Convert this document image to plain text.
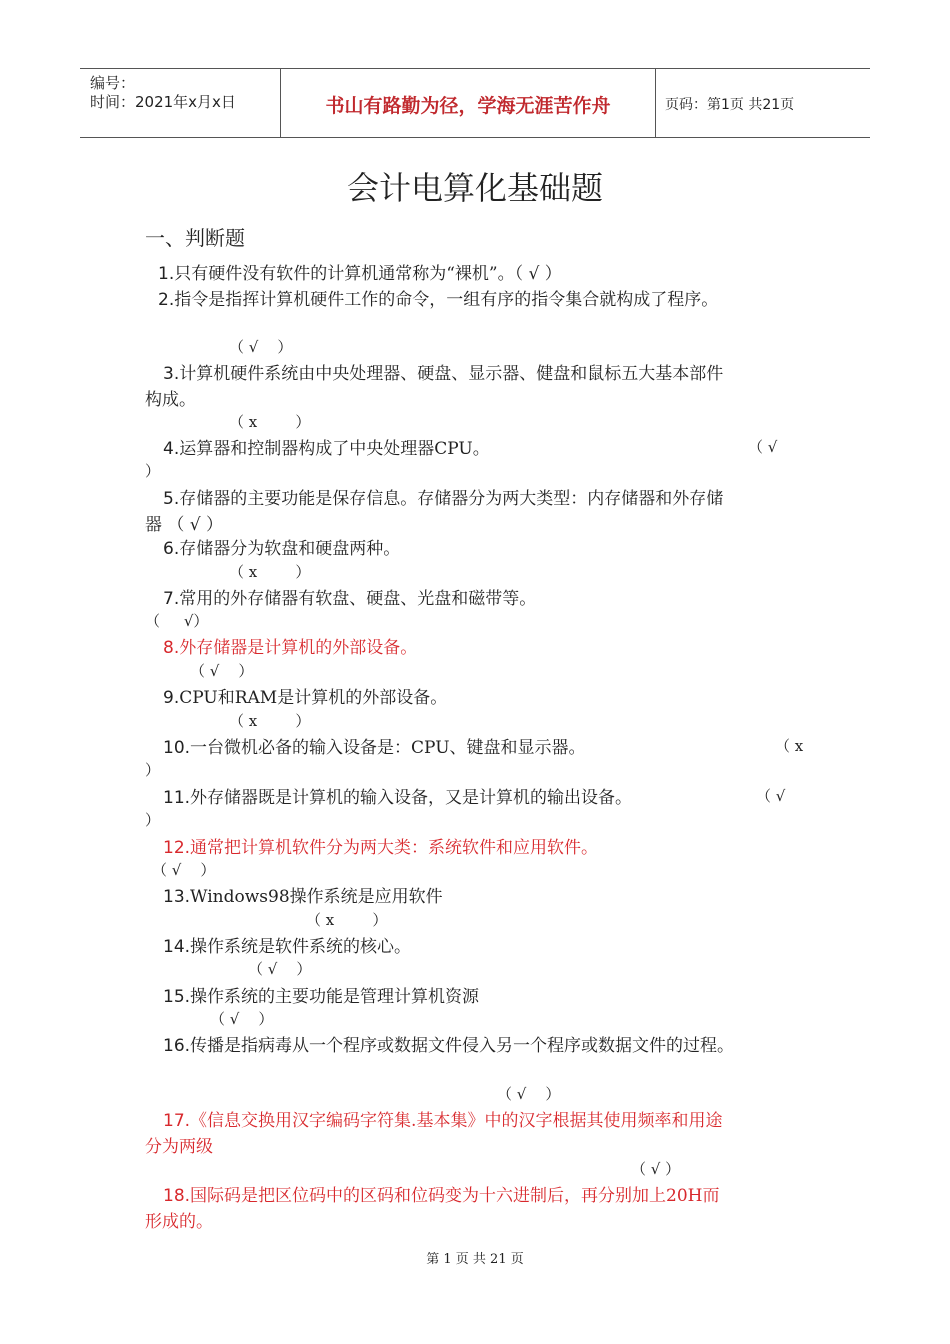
编号：
时间：2021年x月x日	书山有路勤为径，学海无涯苦作舟	页码：第1页 共21页
会计电算化基础题
一、判断题
1.只有硬件没有软件的计算机通常称为“裸机”。（ √ ）
2.指令是指挥计算机硬件工作的命令，一组有序的指令集合就构成了程序。
（ √    ）
3.计算机硬件系统由中央处理器、硬盘、显示器、健盘和鼠标五大基本部件
构成。
（ x        ）
4.运算器和控制器构成了中央处理器CPU。	（ √
）
5.存储器的主要功能是保存信息。存储器分为两大类型：内存储器和外存储
器 （ √ ）
6.存储器分为软盘和硬盘两种。
（ x        ）
7.常用的外存储器有软盘、硬盘、光盘和磁带等。
（     √）
8.外存储器是计算机的外部设备。
（ √    ）
9.CPU和RAM是计算机的外部设备。
（ x        ）
10.一台微机必备的输入设备是：CPU、键盘和显示器。	（ x
）
11.外存储器既是计算机的输入设备，又是计算机的输出设备。	（ √
）
12.通常把计算机软件分为两大类：系统软件和应用软件。
（ √    ）
13.Windows98操作系统是应用软件
（ x        ）
14.操作系统是软件系统的核心。
（ √    ）
15.操作系统的主要功能是管理计算机资源
（ √    ）
16.传播是指病毒从一个程序或数据文件侵入另一个程序或数据文件的过程。
（ √    ）
17.《信息交换用汉字编码字符集.基本集》中的汉字根据其使用频率和用途
分为两级
（ √ ）
18.国际码是把区位码中的区码和位码变为十六进制后，再分别加上20H而
形成的。
第 1 页 共 21 页
